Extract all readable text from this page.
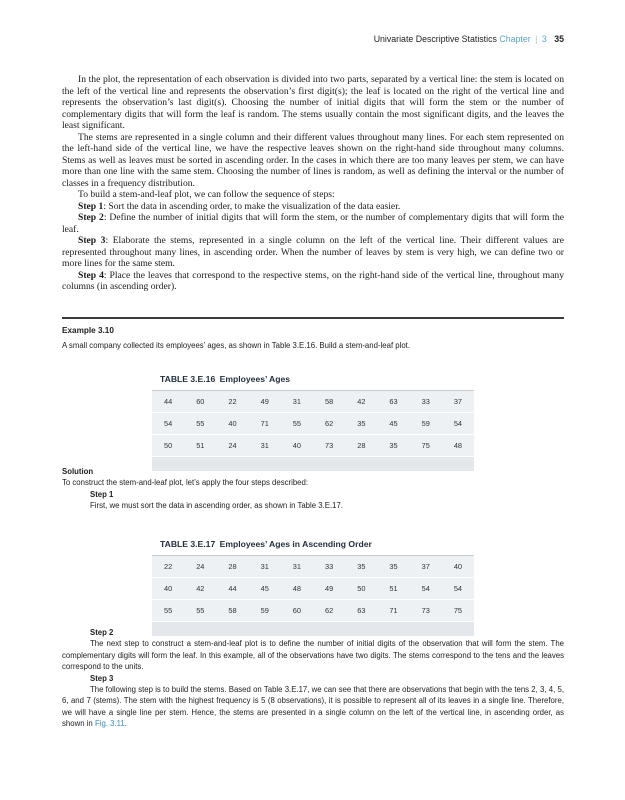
Univariate Descriptive Statistics Chapter | 3 35

In the plot, the representation of each observation is divided into two parts, separated by a vertical line: the stem is located on the left of the vertical line and represents the observation’s first digit(s); the leaf is located on the right of the vertical line and represents the observation’s last digit(s). Choosing the number of initial digits that will form the stem or the number of complementary digits that will form the leaf is random. The stems usually contain the most significant digits, and the leaves the least significant.

The stems are represented in a single column and their different values throughout many lines. For each stem represented on the left-hand side of the vertical line, we have the respective leaves shown on the right-hand side throughout many columns. Stems as well as leaves must be sorted in ascending order. In the cases in which there are too many leaves per stem, we can have more than one line with the same stem. Choosing the number of lines is random, as well as defining the interval or the number of classes in a frequency distribution.

To build a stem-and-leaf plot, we can follow the sequence of steps:

Step 1: Sort the data in ascending order, to make the visualization of the data easier.

Step 2: Define the number of initial digits that will form the stem, or the number of complementary digits that will form the leaf.

Step 3: Elaborate the stems, represented in a single column on the left of the vertical line. Their different values are represented throughout many lines, in ascending order. When the number of leaves by stem is very high, we can define two or more lines for the same stem.

Step 4: Place the leaves that correspond to the respective stems, on the right-hand side of the vertical line, throughout many columns (in ascending order).

Example 3.10
A small company collected its employees’ ages, as shown in Table 3.E.16. Build a stem-and-leaf plot.
TABLE 3.E.16 Employees’ Ages
44	60	22	49	31	58	42	63	33	37
54	55	40	71	55	62	35	45	59	54
50	51	24	31	40	73	28	35	75	48

Solution

To construct the stem-and-leaf plot, let’s apply the four steps described:

Step 1

First, we must sort the data in ascending order, as shown in Table 3.E.17.

TABLE 3.E.17 Employees’ Ages in Ascending Order
22	24	28	31	31	33	35	35	37	40
40	42	44	45	48	49	50	51	54	54
55	55	58	59	60	62	63	71	73	75

Step 2

The next step to construct a stem-and-leaf plot is to define the number of initial digits of the observation that will form the stem. The complementary digits will form the leaf. In this example, all of the observations have two digits. The stems correspond to the tens and the leaves correspond to the units.

Step 3

The following step is to build the stems. Based on Table 3.E.17, we can see that there are observations that begin with the tens 2, 3, 4, 5, 6, and 7 (stems). The stem with the highest frequency is 5 (8 observations), it is possible to represent all of its leaves in a single line. Therefore, we will have a single line per stem. Hence, the stems are presented in a single column on the left of the vertical line, in ascending order, as shown in Fig. 3.11.
